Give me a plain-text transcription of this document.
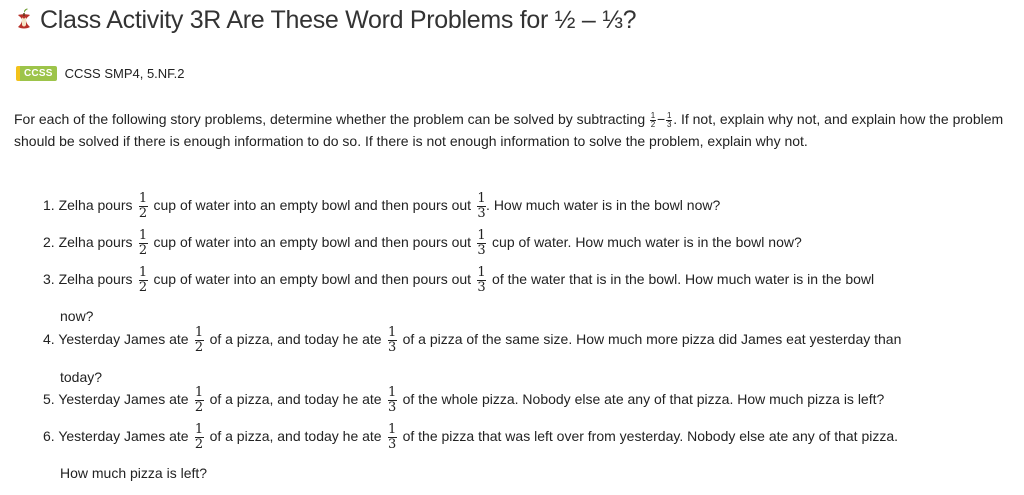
Class Activity 3R Are These Word Problems for ½ – ⅓?
CCSS CCSS SMP4, 5.NF.2
For each of the following story problems, determine whether the problem can be solved by subtracting $\frac{1}{2} - \frac{1}{3}$ . If not, explain why not, and explain how the problem should be solved if there is enough information to do so. If there is not enough information to solve the problem, explain why not.
1. Zelha pours $\frac{1}{2}$ cup of water into an empty bowl and then pours out $\frac{1}{3}$ . How much water is in the bowl now?
2. Zelha pours $\frac{1}{2}$ cup of water into an empty bowl and then pours out $\frac{1}{3}$ cup of water. How much water is in the bowl now?
3. Zelha pours $\frac{1}{2}$ cup of water into an empty bowl and then pours out $\frac{1}{3}$ of the water that is in the bowl. How much water is in the bowl
now?
4. Yesterday James ate $\frac{1}{2}$ of a pizza, and today he ate $\frac{1}{3}$ of a pizza of the same size. How much more pizza did James eat yesterday than
today?
5. Yesterday James ate $\frac{1}{2}$ of a pizza, and today he ate $\frac{1}{3}$ of the whole pizza. Nobody else ate any of that pizza. How much pizza is left?
6. Yesterday James ate $\frac{1}{2}$ of a pizza, and today he ate $\frac{1}{3}$ of the pizza that was left over from yesterday. Nobody else ate any of that pizza.
How much pizza is left?
